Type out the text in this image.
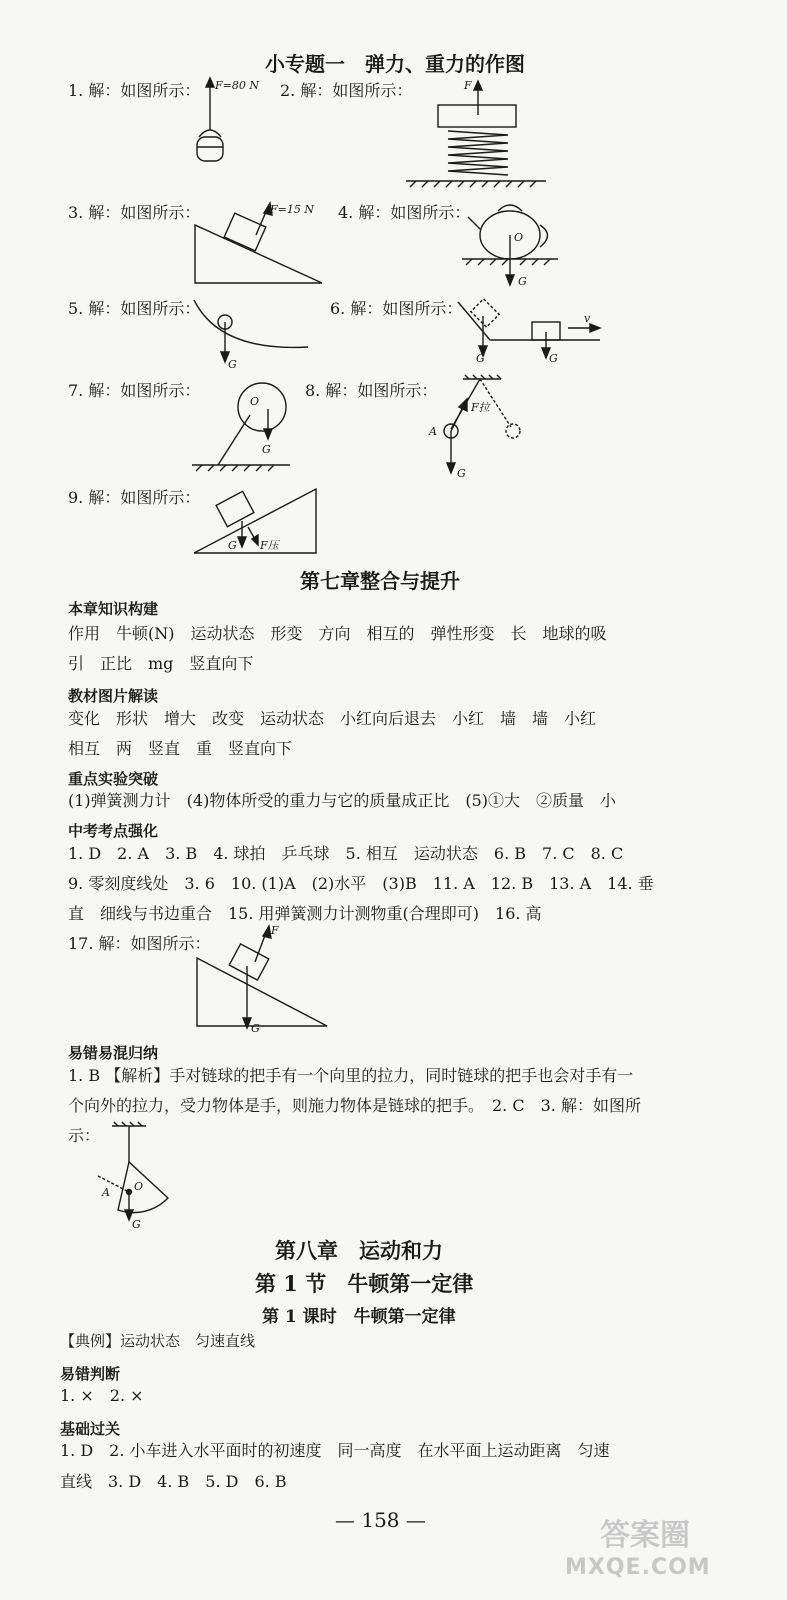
小专题一　弹力、重力的作图
1. 解：如图所示：	2. 解：如图所示：
F=80 N	F
3. 解：如图所示：	4. 解：如图所示：
F=15 N
O
G
5. 解：如图所示：	6. 解：如图所示：
G	G	G
v
7. 解：如图所示：	8. 解：如图所示：
O
G
F拉
G
A
9. 解：如图所示：
G F压
第七章整合与提升
本章知识构建
作用　牛顿(N)　运动状态　形变　方向　相互的　弹性形变　长　地球的吸
引　正比　mg　竖直向下
教材图片解读
变化　形状　增大　改变　运动状态　小红向后退去　小红　墙　墙　小红
相互　两　竖直　重　竖直向下
重点实验突破
(1)弹簧测力计　(4)物体所受的重力与它的质量成正比　(5)①大　②质量　小
中考考点强化
1. D　2. A　3. B　4. 球拍　乒乓球　5. 相互　运动状态　6. B　7. C　8. C
9. 零刻度线处　3. 6　10. (1)A　(2)水平　(3)B　11. A　12. B　13. A　14. 垂
直　细线与书边重合　15. 用弹簧测力计测物重(合理即可)　16. 高
17. 解：如图所示：
F
G
易错易混归纳
1. B 【解析】手对链球的把手有一个向里的拉力，同时链球的把手也会对手有一
个向外的拉力，受力物体是手，则施力物体是链球的把手。　2. C　3. 解：如图所
示：
A O
G
第八章　运动和力
第 1 节　牛顿第一定律
第 1 课时　牛顿第一定律
【典例】运动状态　匀速直线
易错判断
1. ×　2. ×
基础过关
1. D　2. 小车进入水平面时的初速度　同一高度　在水平面上运动距离　匀速
直线　3. D　4. B　5. D　6. B
— 158 —	答案圈
MXQE.COM
